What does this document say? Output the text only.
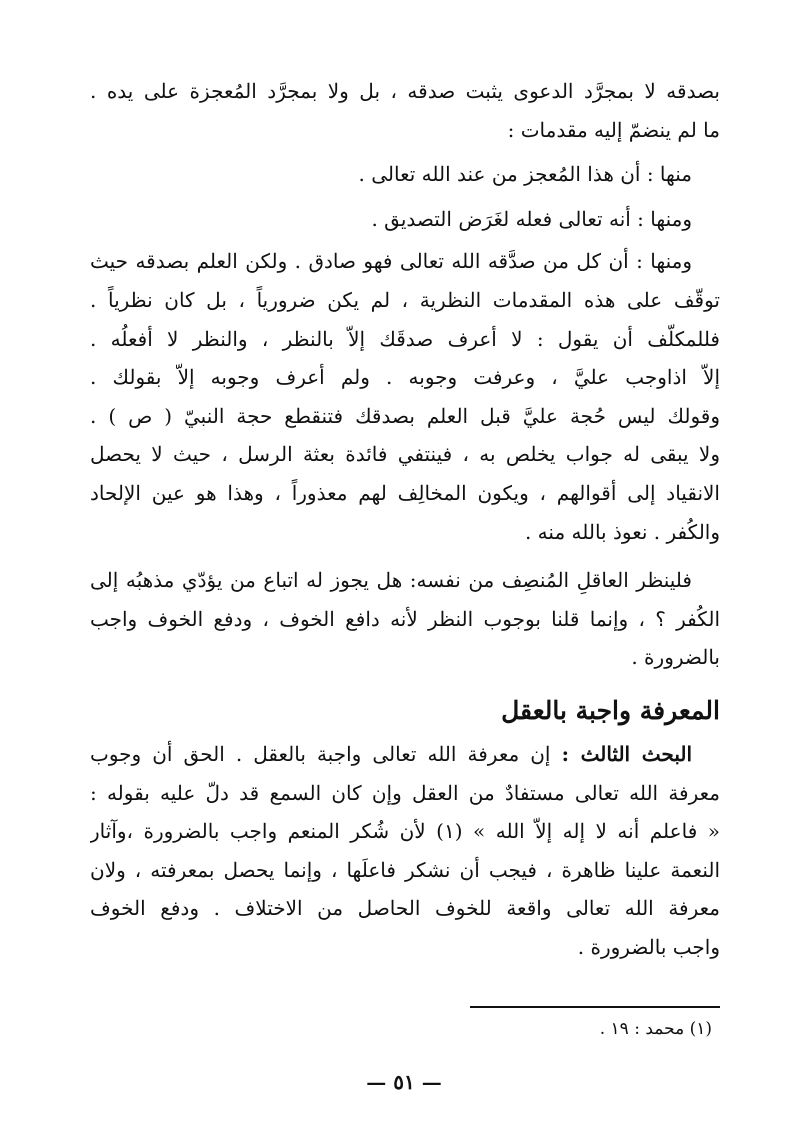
بصدقه لا بمجرَّد الدعوى يثبت صدقه ، بل ولا بمجرَّد المُعجزة على يده .
ما لم ينضمّ إليه مقدمات :
منها : أن هذا المُعجز من عند الله تعالى .
ومنها : أنه تعالى فعله لغَرَض التصديق .
ومنها : أن كل من صدَّقه الله تعالى فهو صادق . ولكن العلم بصدقه حيث
توقّف على هذه المقدمات النظرية ، لم يكن ضرورياً ، بل كان نظرياً .
فللمكلّف أن يقول : لا أعرف صدقَك إلاّ بالنظر ، والنظر لا أفعلُه .
إلاّ اذاوجب عليَّ ، وعرفت وجوبه . ولم أعرف وجوبه إلاّ بقولك .
وقولك ليس حُجة عليَّ قبل العلم بصدقك فتنقطع حجة النبيّ ( ص ) .
ولا يبقى له جواب يخلص به ، فينتفي فائدة بعثة الرسل ، حيث لا يحصل
الانقياد إلى أقوالهم ، ويكون المخالِف لهم معذوراً ، وهذا هو عين الإلحاد
والكُفر . نعوذ بالله منه .
فلينظر العاقلِ المُنصِف من نفسه: هل يجوز له اتباع من يؤدّي مذهبُه إلى
الكُفر ؟ ، وإنما قلنا بوجوب النظر لأنه دافع الخوف ، ودفع الخوف واجب
بالضرورة .
المعرفة واجبة بالعقل
البحث الثالث : إن معرفة الله تعالى واجبة بالعقل . الحق أن وجوب
معرفة الله تعالى مستفادٌ من العقل وإن كان السمع قد دلّ عليه بقوله :
« فاعلم أنه لا إله إلاّ الله » (١) لأن شُكر المنعم واجب بالضرورة ،وآثار
النعمة علينا ظاهرة ، فيجب أن نشكر فاعلَها ، وإنما يحصل بمعرفته ، ولان
معرفة الله تعالى واقعة للخوف الحاصل من الاختلاف . ودفع الخوف
واجب بالضرورة .
(١) محمد : ١٩ .
— ٥١ —
